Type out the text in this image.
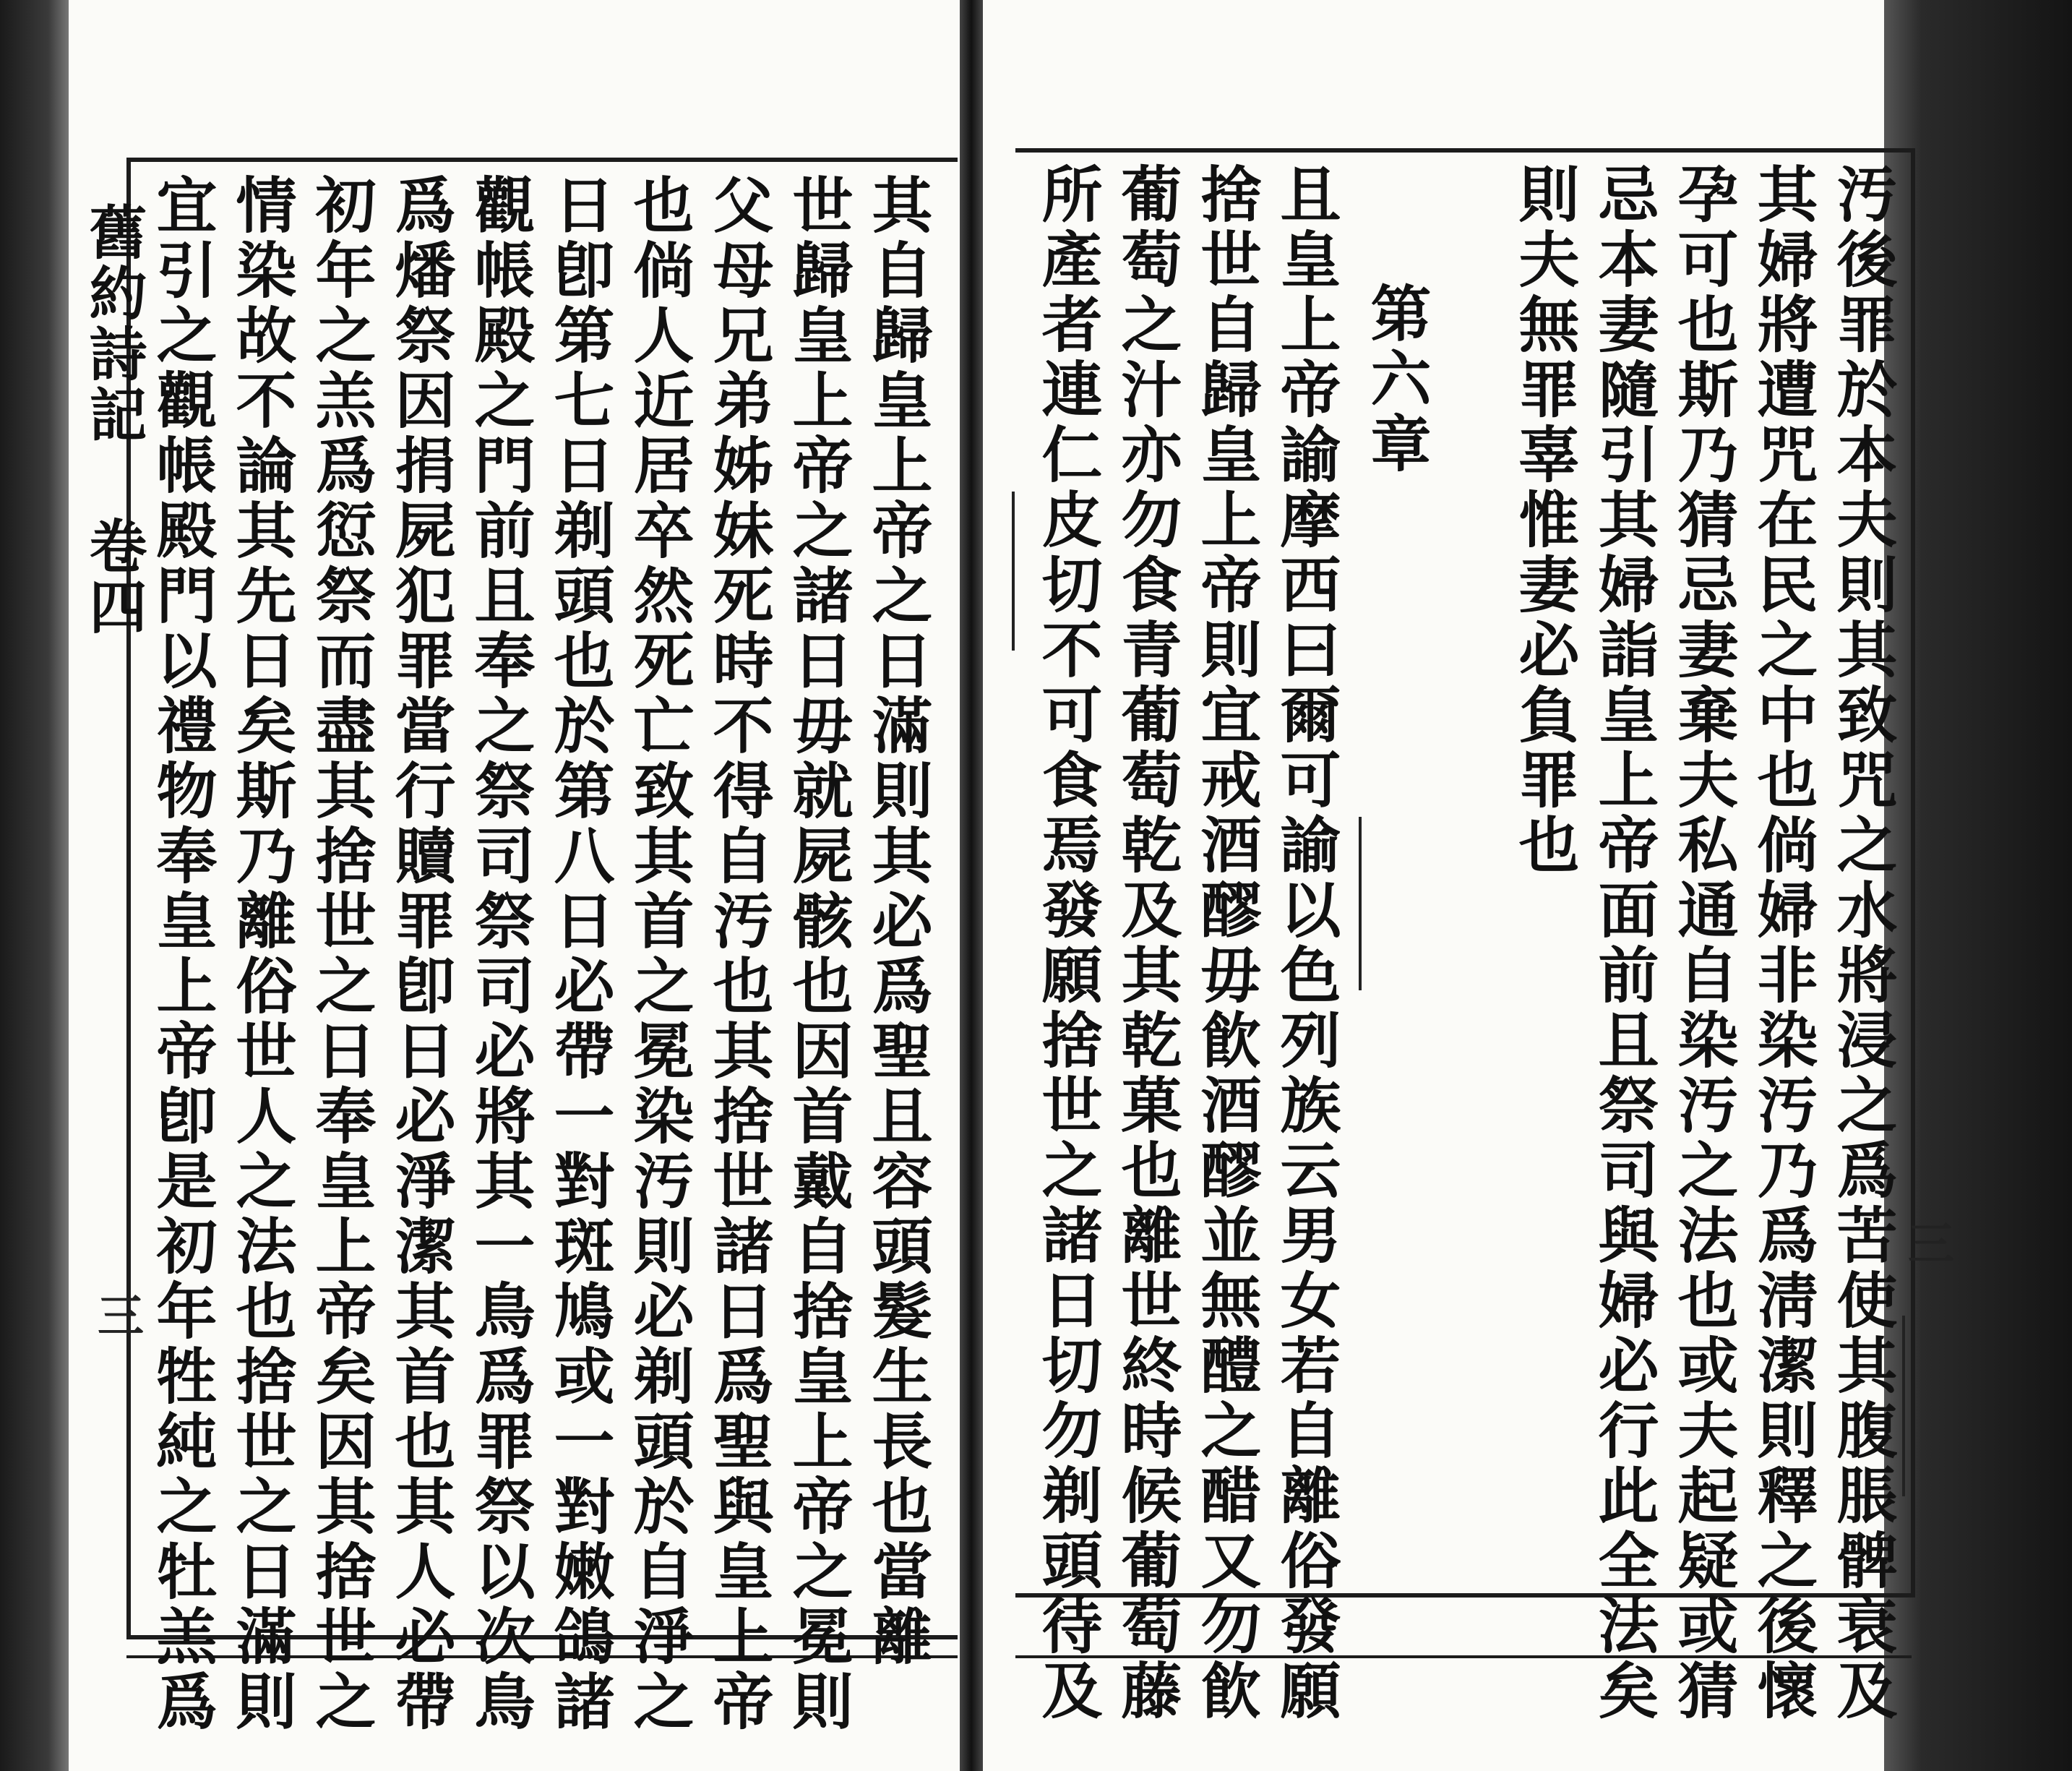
舊約詩記 卷四	其自歸皇上帝之日滿則其必爲聖且容頭髮生長也當離
世歸皇上帝之諸日毋就屍骸也因首戴自捨皇上帝之冕則
父母兄弟姊妹死時不得自汚也其捨世諸日爲聖與皇上帝
也倘人近居卒然死亡致其首之冕染汚則必剃頭於自淨之
日卽第七日剃頭也於第八日必帶一對斑鳩或一對嫩鴿諸
觀帳殿之門前且奉之祭司祭司必將其一鳥爲罪祭以次鳥
爲燔祭因捐屍犯罪當行贖罪卽日必淨潔其首也其人必帶
初年之羔爲愆祭而盡其捨世之日奉皇上帝矣因其捨世之
情染故不論其先日矣斯乃離俗世人之法也捨世之日滿則
宜引之觀帳殿門以禮物奉皇上帝卽是初年牲純之牡羔爲	汚後罪於本夫則其致咒之水將浸之爲苦使其腹脹髀衰及
其婦將遭咒在民之中也倘婦非染汚乃爲淸潔則釋之後懷
孕可也斯乃猜忌妻棄夫私通自染汚之法也或夫起疑或猜
忌本妻隨引其婦詣皇上帝面前且祭司與婦必行此全法矣
則夫無罪辜惟妻必負罪也
第六章
且皇上帝諭摩西曰爾可諭以色列族云男女若自離俗發願
捨世自歸皇上帝則宜戒酒醪毋飮酒醪並無醴之醋又勿飮
葡萄之汁亦勿食青葡萄乾及其乾菓也離世終時候葡萄藤
所產者連仁皮切不可食焉發願捨世之諸日切勿剃頭待及
三
三
